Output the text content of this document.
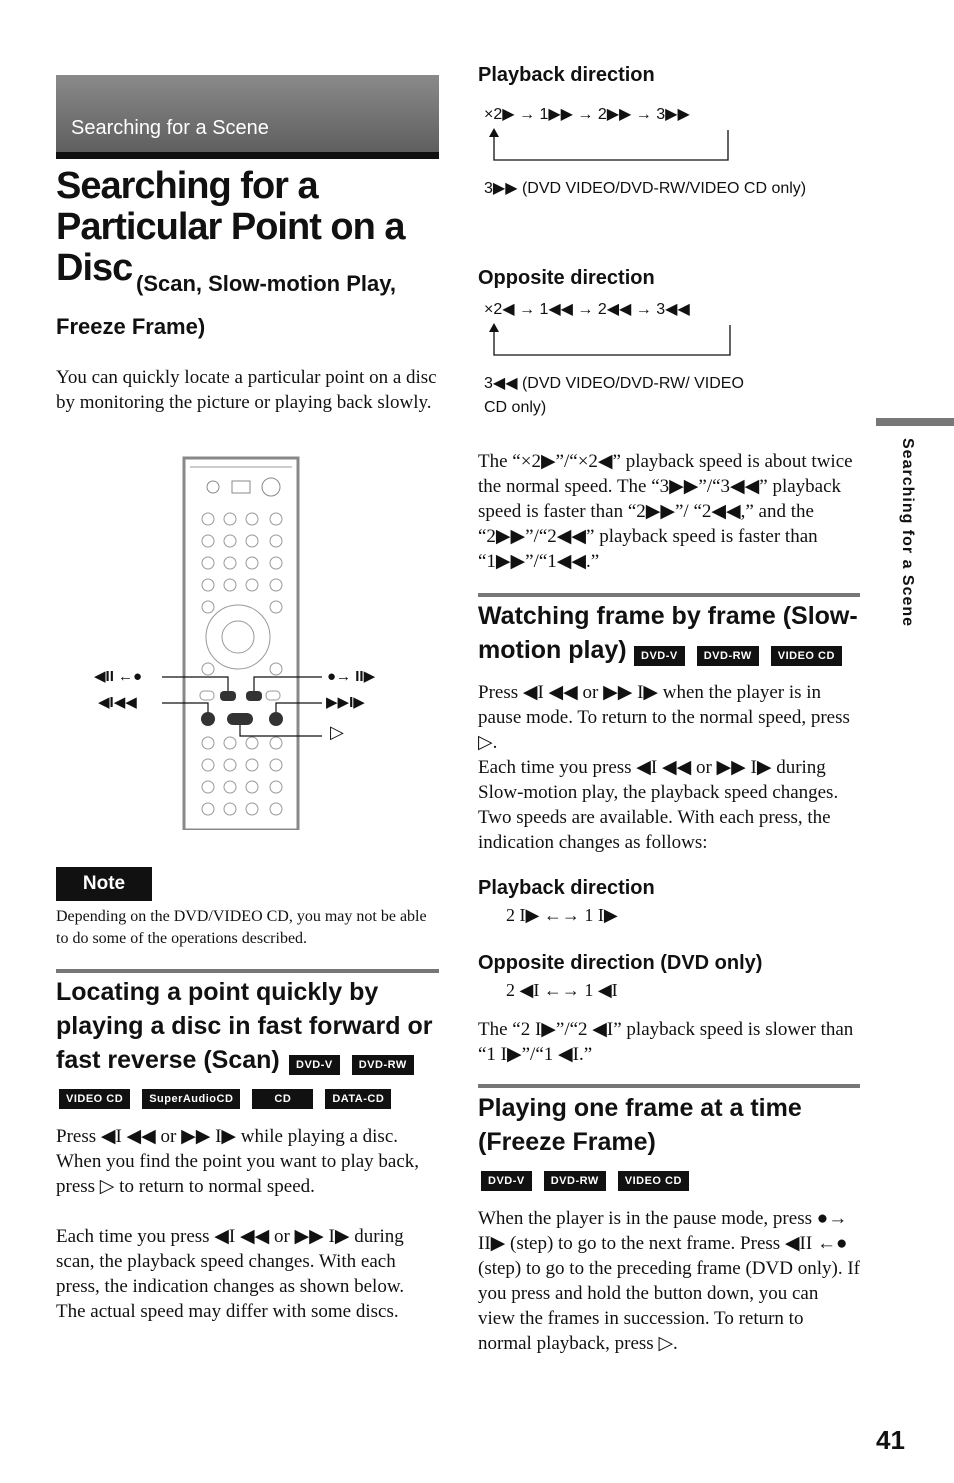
Searching for a Scene
Searching for a Particular Point on a Disc (Scan, Slow-motion Play, Freeze Frame)
You can quickly locate a particular point on a disc by monitoring the picture or playing back slowly.
◀II ←●
◀I◀◀
●→ II▶
▶▶I▶
▷
Note
Depending on the DVD/VIDEO CD, you may not be able to do some of the operations described.
Locating a point quickly by playing a disc in fast forward or fast reverse (Scan)	DVD-V DVD-RW
VIDEO CD SuperAudioCD	CD	DATA-CD
Press ◀I ◀◀ or ▶▶ I▶ while playing a disc. When you find the point you want to play back, press ▷ to return to normal speed.
Each time you press ◀I ◀◀ or ▶▶ I▶ during scan, the playback speed changes. With each press, the indication changes as shown below. The actual speed may differ with some discs.
Playback direction
×2▶ → 1▶▶ → 2▶▶ → 3▶▶
3▶▶ (DVD VIDEO/DVD-RW/VIDEO CD only)
Opposite direction
×2◀ → 1◀◀ → 2◀◀ → 3◀◀
3◀◀ (DVD VIDEO/DVD-RW/ VIDEO CD only)
The “×2▶”/“×2◀” playback speed is about twice the normal speed. The “3▶▶”/“3◀◀” playback speed is faster than “2▶▶”/ “2◀◀,” and the “2▶▶”/“2◀◀” playback speed is faster than “1▶▶”/“1◀◀.”
Watching frame by frame (Slow-motion play)	DVD-V DVD-RW VIDEO CD
Press ◀I ◀◀ or ▶▶ I▶ when the player is in pause mode. To return to the normal speed, press ▷.
Each time you press ◀I ◀◀ or ▶▶ I▶ during Slow-motion play, the playback speed changes. Two speeds are available. With each press, the indication changes as follows:
Playback direction
2 I▶ ←→ 1 I▶
Opposite direction (DVD only)
2 ◀I ←→ 1 ◀I
The “2 I▶”/“2 ◀I” playback speed is slower than “1 I▶”/“1 ◀I.”
Playing one frame at a time (Freeze Frame)
DVD-V DVD-RW VIDEO CD
When the player is in the pause mode, press ●→ II▶ (step) to go to the next frame. Press ◀II ←● (step) to go to the preceding frame (DVD only). If you press and hold the button down, you can view the frames in succession. To return to normal playback, press ▷.
Searching for a Scene
41
